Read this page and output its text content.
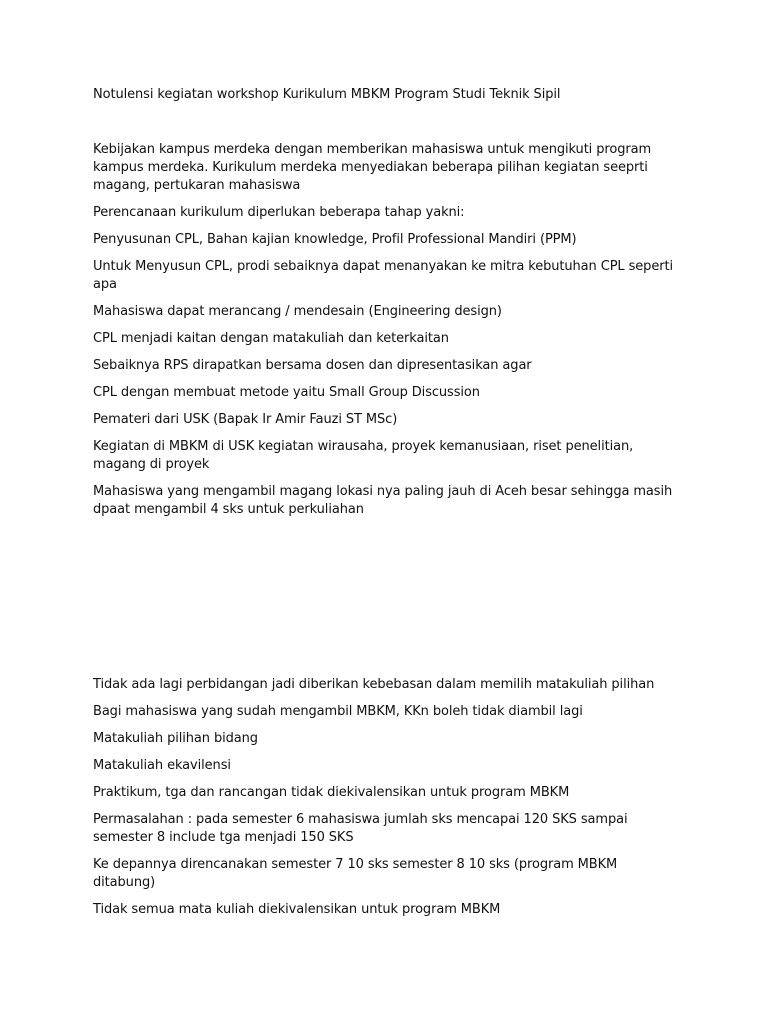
Notulensi kegiatan workshop Kurikulum MBKM Program Studi Teknik Sipil

Kebijakan kampus merdeka dengan memberikan mahasiswa untuk mengikuti program kampus merdeka. Kurikulum merdeka menyediakan beberapa pilihan kegiatan seeprti magang, pertukaran mahasiswa

Perencanaan kurikulum diperlukan beberapa tahap yakni:

Penyusunan CPL, Bahan kajian knowledge, Profil Professional Mandiri (PPM)

Untuk Menyusun CPL, prodi sebaiknya dapat menanyakan ke mitra kebutuhan CPL seperti apa

Mahasiswa dapat merancang / mendesain (Engineering design)

CPL menjadi kaitan dengan matakuliah dan keterkaitan

Sebaiknya RPS dirapatkan bersama dosen dan dipresentasikan agar

CPL dengan membuat metode yaitu Small Group Discussion

Pemateri dari USK (Bapak Ir Amir Fauzi ST MSc)

Kegiatan di MBKM di USK kegiatan wirausaha, proyek kemanusiaan, riset penelitian, magang di proyek

Mahasiswa yang mengambil magang lokasi nya paling jauh di Aceh besar sehingga masih dpaat mengambil 4 sks untuk perkuliahan

Tidak ada lagi perbidangan jadi diberikan kebebasan dalam memilih matakuliah pilihan

Bagi mahasiswa yang sudah mengambil MBKM, KKn boleh tidak diambil lagi

Matakuliah pilihan bidang

Matakuliah ekavilensi

Praktikum, tga dan rancangan tidak diekivalensikan untuk program MBKM

Permasalahan : pada semester 6 mahasiswa jumlah sks mencapai 120 SKS sampai semester 8 include tga menjadi 150 SKS

Ke depannya direncanakan semester 7 10 sks semester 8 10 sks (program MBKM ditabung)

Tidak semua mata kuliah diekivalensikan untuk program MBKM
